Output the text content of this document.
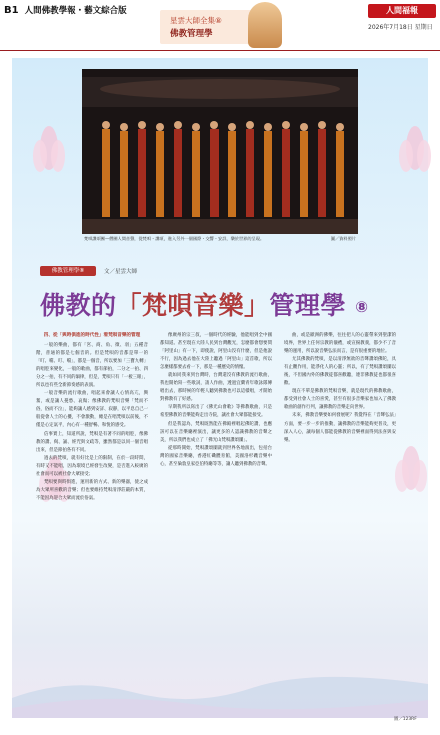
B1 人間佛教學報・藝文綜合版
星雲大師全集⑧
佛教管理學
人間福報
2026年7月18日 星期日
梵唄讚頌團—僧團人間音聲，從梵唄・讚頌，進入另外一個國際・交響・安詳，樂於世界的呈現。	圖／資料照片
佛教管理學⑧	文／星雲大師
佛教的「梵唄音樂」管理學 ⑧
四、從「與時俱進的時代性」看梵唄音樂的管理

一般的樂曲，都有「宮、商、角、徵、羽」五種音階，普通的都是七個音的。但是梵唄的音都是單一的「叮、噹、叮、噹」，都是一個音，所以要加「三寶九轉」的唱腔來變化，一般的歌曲，都有節拍，二分之一拍、四分之一拍，有不同的韻律，但是，梵唄只有「一板三眼」，所以也有些全新節奏感的表演。

一般音樂的流行歌曲，唱起來會讓人心情高亢，興奮，或是讓人憂愁、哀傷；像佛教的梵唄音樂「梵而不俗，俗而不泣」，能夠讓人感到安詳、寂靜，以平息自己一般從會人士的心擾，不會激動，總是在唱梵唄以前後，不僅是心定氣平，內心有一種舒暢、和悅的感受。

信事實上，知道所說，梵唄是有著不同的唱腔，像佛教的讚、偈、誦、經咒與文疏等，雖然都是以同一個音唱出來，但是節拍各有不同。

過去的梵唄，就有好比是上的限制，在於一段時間，有時又不能唱，因為環境已經發生改變，是否進入較廣的社會而可以被社會大眾接受；

梵唄要與時俱進，運用新的方式、新的樂器，使之成為大眾所喜歡的音樂；但也要維持梵唄清淨莊嚴的本質，不能因為迎合大眾而流於俗氣。

像廣州的宗三叔，一個時代的經驗，他能唱到全中國都知道。甚至現在大陸人民到台灣觀光，怎麼都會想要問「阿里山」有一下，即使說，阿里山沒有什麼，但是他說不行，因為過去他在大陸上聽過「阿里山」這首歌，所以怎麼樣都要去看一下，那是一種歷史的情懷。

就如同我來到台灣時，台灣還沒有佛教的流行歌曲，我也開始寫一些歌詞，請人作曲，透過宜蘭青年歌詠隊傳唱出去，那時候的年輕人聽到佛教也可以這樣唱，才開始對佛教有了好感。

早期我所以寫出了《佛光山會歌》等佛教歌曲，只是希望佛教的音樂能夠走出寺院，讓社會大眾都能接受。

但是我認為，梵唄既然能在佛殿裡唱起佛陀讚，也應該可以在音樂廳裡演出，讓更多的人認識佛教的音聲之美，所以我們也成立了「佛光山梵唄讚頌團」。

從那時開始，梵唄讚頌團就到世界各地演出，包括台灣的國家音樂廳，香港紅磡體育館，美國洛杉磯音樂中心，甚至倫敦皇家亞伯特廳等等，讓人聽到佛教的音聲。

曲，或是歐洲的佛樂，往往把人的心靈帶來到聖潔的境界，世界上任何宗教的儀禮，或宣揚教義，都少不了音樂的運用，所以說音樂弘法而言，是有很重要的地位。

尤其佛教的梵唄，是以清淨無欲的音聲讚頌佛陀，具有止觀作用，能淨化人的心靈；所以，有了梵唄讚頌團以後，不但國內外的佛教徒都喜歡聽，連非佛教徒也都很喜歡。

現在不單是佛教的梵唄音樂，就是現代的佛教歌曲，都受到社會人士的喜愛，甚至有很多音樂家也加入了佛教歌曲的創作行列，讓佛教的音樂走向世界。

未來，佛教音樂要如何發展呢？我覺得在「音聲弘法」方面，要一步一步的推動，讓佛教的音樂能夠更普及，更深入人心，讓每個人都能從佛教的音樂裡面得到法喜與安樂。

圖／123RF
